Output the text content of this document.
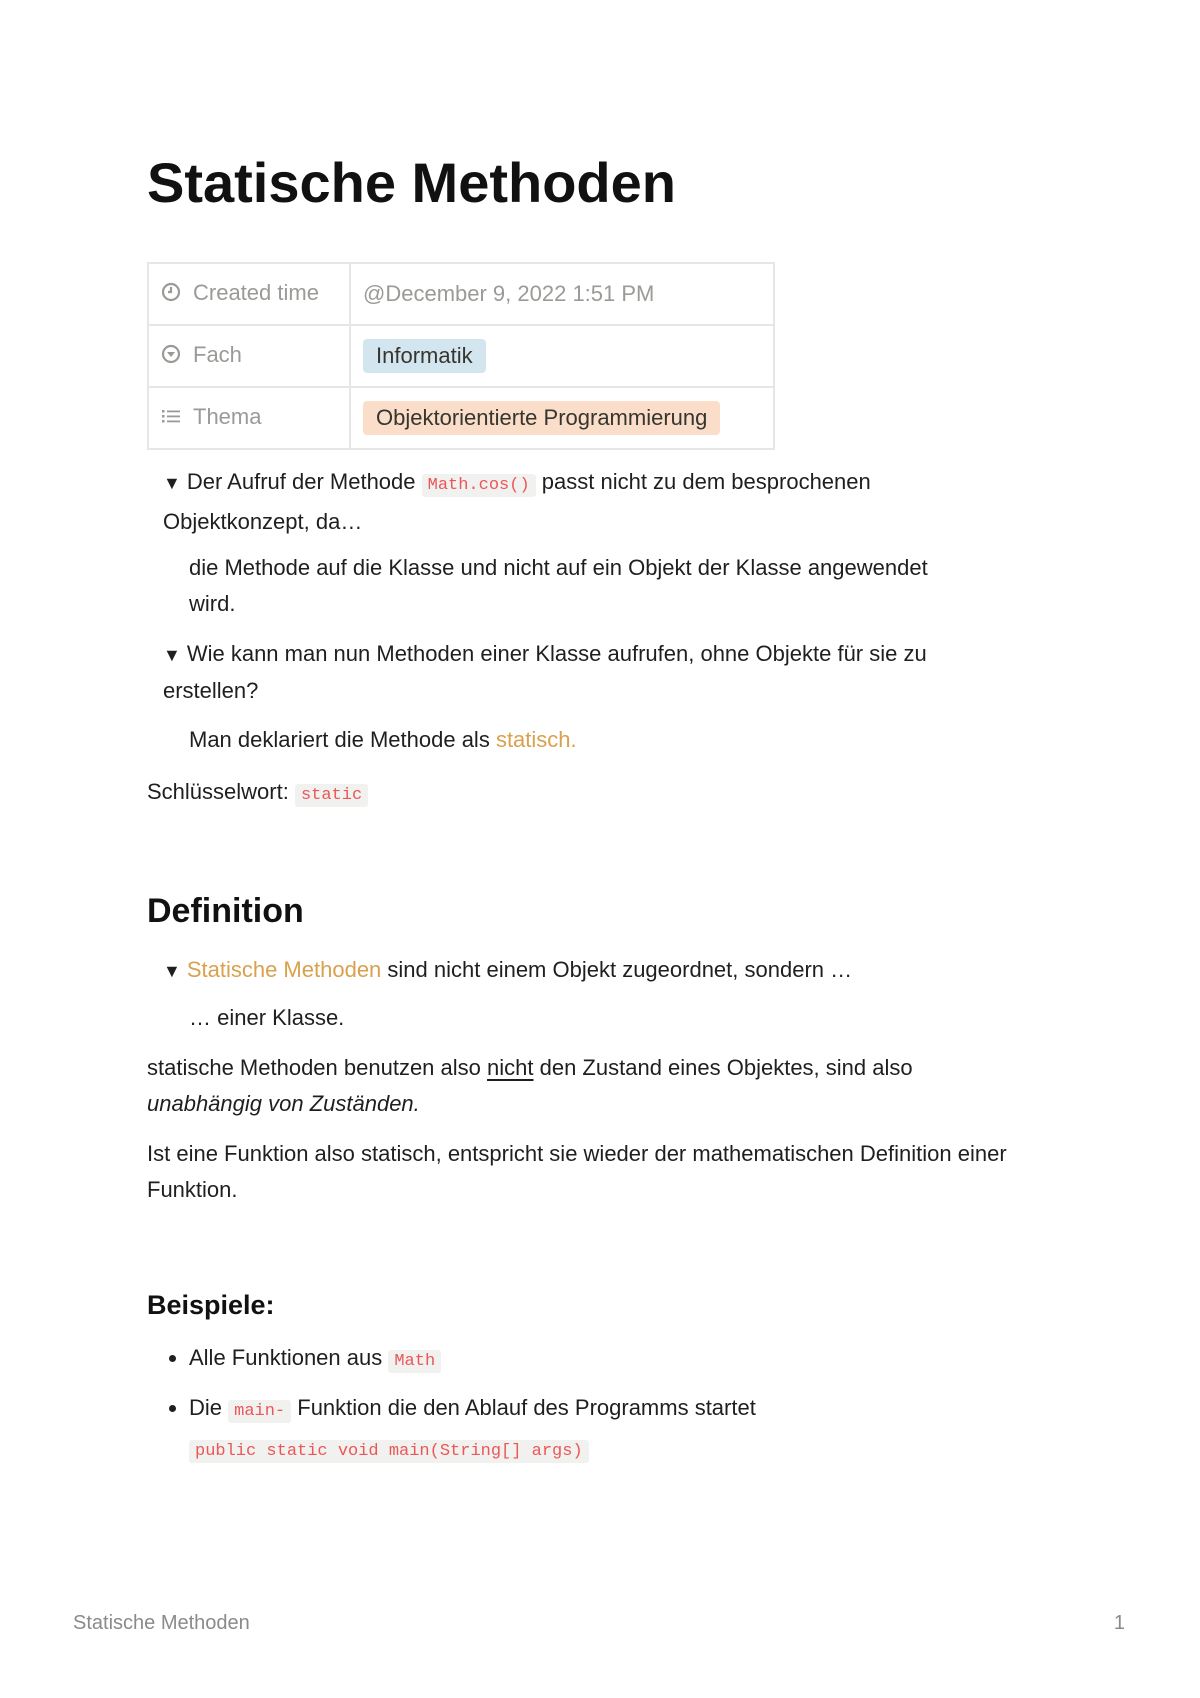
Statische Methoden
Created time	@December 9, 2022 1:51 PM
Fach	Informatik
Thema	Objektorientierte Programmierung
▼ Der Aufruf der Methode Math.cos() passt nicht zu dem besprochenen Objektkonzept, da…
die Methode auf die Klasse und nicht auf ein Objekt der Klasse angewendet wird.
▼ Wie kann man nun Methoden einer Klasse aufrufen, ohne Objekte für sie zu erstellen?
Man deklariert die Methode als statisch.
Schlüsselwort: static
Definition
▼ Statische Methoden sind nicht einem Objekt zugeordnet, sondern …
… einer Klasse.
statische Methoden benutzen also nicht den Zustand eines Objektes, sind also unabhängig von Zuständen.
Ist eine Funktion also statisch, entspricht sie wieder der mathematischen Definition einer Funktion.
Beispiele:
• Alle Funktionen aus Math
• Die main- Funktion die den Ablauf des Programms startet
public static void main(String[] args)
Statische Methoden	1
